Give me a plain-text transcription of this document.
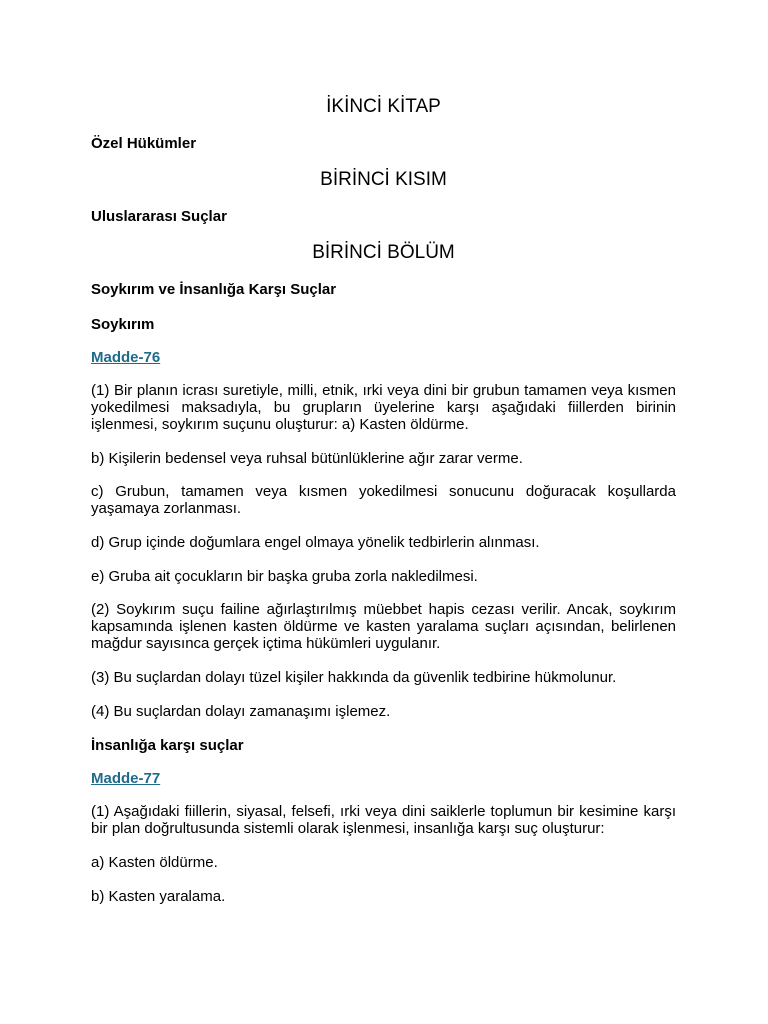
İKİNCİ KİTAP

Özel Hükümler

BİRİNCİ KISIM

Uluslararası Suçlar

BİRİNCİ BÖLÜM

Soykırım ve İnsanlığa Karşı Suçlar

Soykırım

Madde-76

(1) Bir planın icrası suretiyle, milli, etnik, ırki veya dini bir grubun tamamen veya kısmen yokedilmesi maksadıyla, bu grupların üyelerine karşı aşağıdaki fiillerden birinin işlenmesi, soykırım suçunu oluşturur: a) Kasten öldürme.

b) Kişilerin bedensel veya ruhsal bütünlüklerine ağır zarar verme.

c) Grubun, tamamen veya kısmen yokedilmesi sonucunu doğuracak koşullarda yaşamaya zorlanması.

d) Grup içinde doğumlara engel olmaya yönelik tedbirlerin alınması.

e) Gruba ait çocukların bir başka gruba zorla nakledilmesi.

(2) Soykırım suçu failine ağırlaştırılmış müebbet hapis cezası verilir. Ancak, soykırım kapsamında işlenen kasten öldürme ve kasten yaralama suçları açısından, belirlenen mağdur sayısınca gerçek içtima hükümleri uygulanır.

(3) Bu suçlardan dolayı tüzel kişiler hakkında da güvenlik tedbirine hükmolunur.

(4) Bu suçlardan dolayı zamanaşımı işlemez.

İnsanlığa karşı suçlar

Madde-77

(1) Aşağıdaki fiillerin, siyasal, felsefi, ırki veya dini saiklerle toplumun bir kesimine karşı bir plan doğrultusunda sistemli olarak işlenmesi, insanlığa karşı suç oluşturur:

a) Kasten öldürme.

b) Kasten yaralama.
